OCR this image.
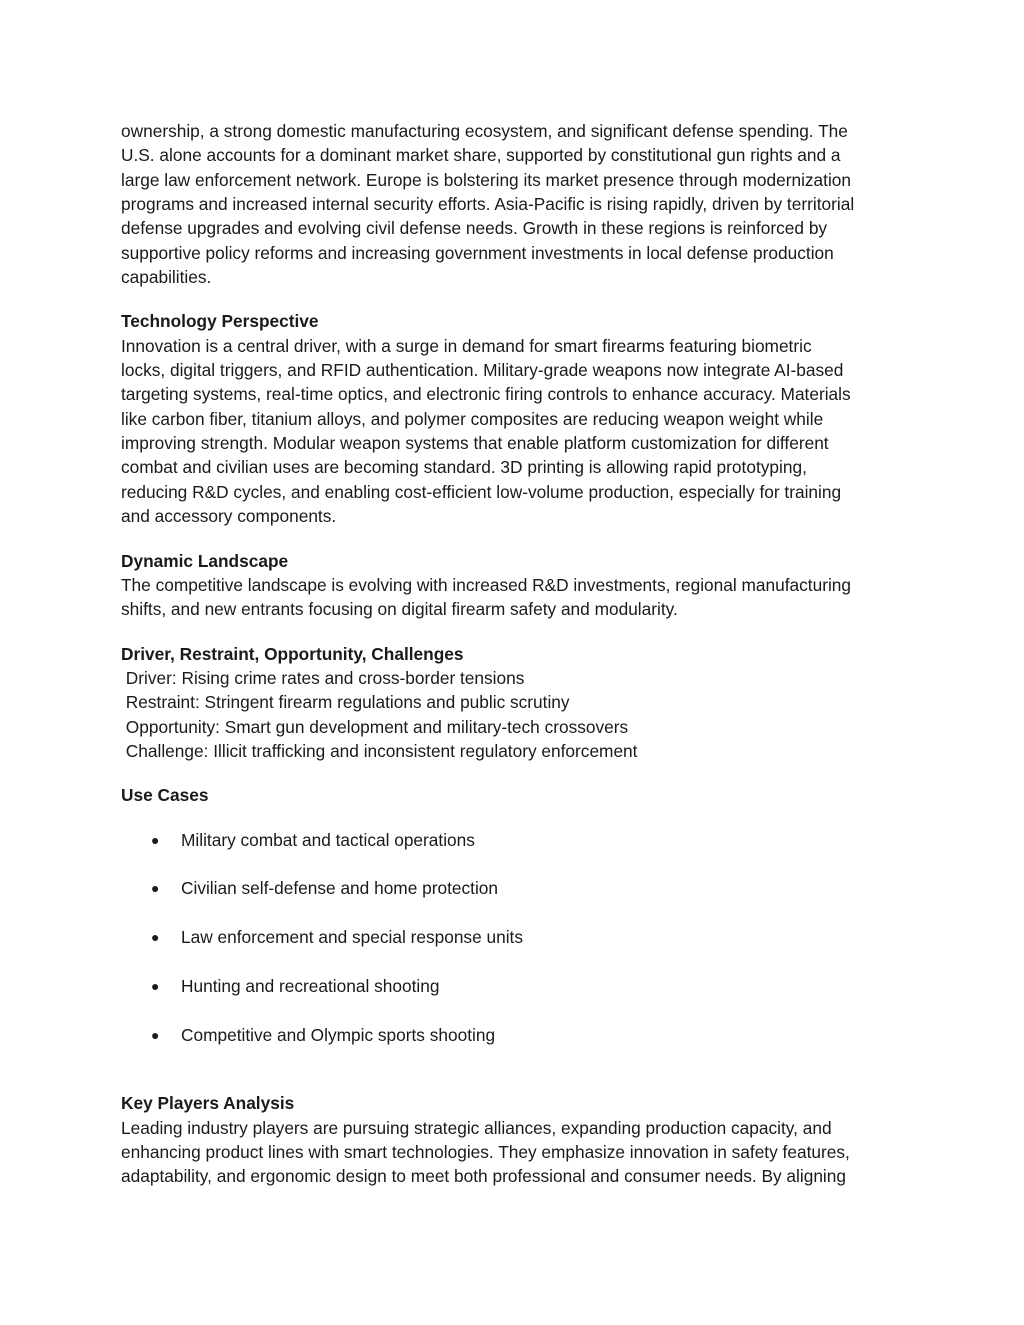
ownership, a strong domestic manufacturing ecosystem, and significant defense spending. The
U.S. alone accounts for a dominant market share, supported by constitutional gun rights and a
large law enforcement network. Europe is bolstering its market presence through modernization
programs and increased internal security efforts. Asia-Pacific is rising rapidly, driven by territorial
defense upgrades and evolving civil defense needs. Growth in these regions is reinforced by
supportive policy reforms and increasing government investments in local defense production
capabilities.

Technology Perspective

Innovation is a central driver, with a surge in demand for smart firearms featuring biometric
locks, digital triggers, and RFID authentication. Military-grade weapons now integrate AI-based
targeting systems, real-time optics, and electronic firing controls to enhance accuracy. Materials
like carbon fiber, titanium alloys, and polymer composites are reducing weapon weight while
improving strength. Modular weapon systems that enable platform customization for different
combat and civilian uses are becoming standard. 3D printing is allowing rapid prototyping,
reducing R&D cycles, and enabling cost-efficient low-volume production, especially for training
and accessory components.

Dynamic Landscape

The competitive landscape is evolving with increased R&D investments, regional manufacturing
shifts, and new entrants focusing on digital firearm safety and modularity.

Driver, Restraint, Opportunity, Challenges

Driver: Rising crime rates and cross-border tensions

Restraint: Stringent firearm regulations and public scrutiny

Opportunity: Smart gun development and military-tech crossovers

Challenge: Illicit trafficking and inconsistent regulatory enforcement

Use Cases

● Military combat and tactical operations
● Civilian self-defense and home protection
● Law enforcement and special response units
● Hunting and recreational shooting
● Competitive and Olympic sports shooting

Key Players Analysis

Leading industry players are pursuing strategic alliances, expanding production capacity, and
enhancing product lines with smart technologies. They emphasize innovation in safety features,
adaptability, and ergonomic design to meet both professional and consumer needs. By aligning
